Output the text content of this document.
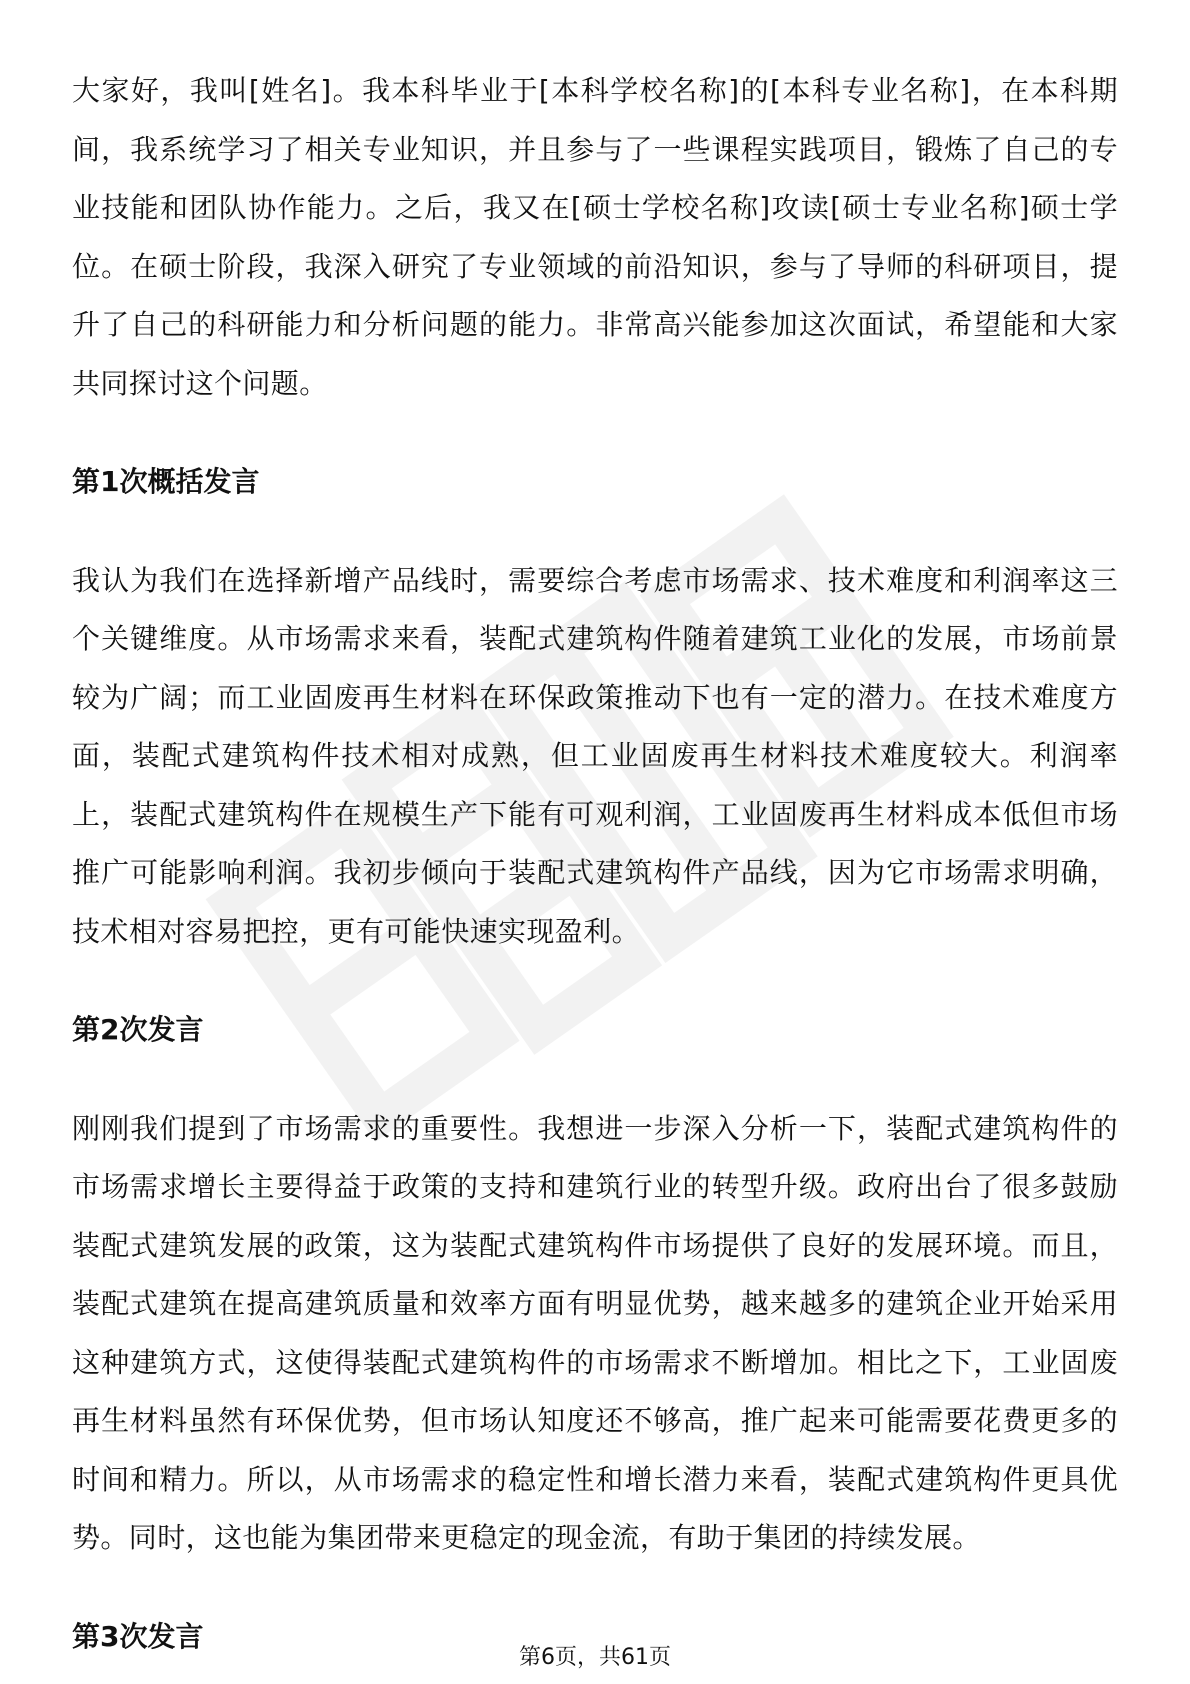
大家好，我叫[姓名]。我本科毕业于[本科学校名称]的[本科专业名称]，在本科期间，我系统学习了相关专业知识，并且参与了一些课程实践项目，锻炼了自己的专业技能和团队协作能力。之后，我又在[硕士学校名称]攻读[硕士专业名称]硕士学位。在硕士阶段，我深入研究了专业领域的前沿知识，参与了导师的科研项目，提升了自己的科研能力和分析问题的能力。非常高兴能参加这次面试，希望能和大家共同探讨这个问题。

第1次概括发言

我认为我们在选择新增产品线时，需要综合考虑市场需求、技术难度和利润率这三个关键维度。从市场需求来看，装配式建筑构件随着建筑工业化的发展，市场前景较为广阔；而工业固废再生材料在环保政策推动下也有一定的潜力。在技术难度方面，装配式建筑构件技术相对成熟，但工业固废再生材料技术难度较大。利润率上，装配式建筑构件在规模生产下能有可观利润，工业固废再生材料成本低但市场推广可能影响利润。我初步倾向于装配式建筑构件产品线，因为它市场需求明确，技术相对容易把控，更有可能快速实现盈利。

第2次发言

刚刚我们提到了市场需求的重要性。我想进一步深入分析一下，装配式建筑构件的市场需求增长主要得益于政策的支持和建筑行业的转型升级。政府出台了很多鼓励装配式建筑发展的政策，这为装配式建筑构件市场提供了良好的发展环境。而且，装配式建筑在提高建筑质量和效率方面有明显优势，越来越多的建筑企业开始采用这种建筑方式，这使得装配式建筑构件的市场需求不断增加。相比之下，工业固废再生材料虽然有环保优势，但市场认知度还不够高，推广起来可能需要花费更多的时间和精力。所以，从市场需求的稳定性和增长潜力来看，装配式建筑构件更具优势。同时，这也能为集团带来更稳定的现金流，有助于集团的持续发展。

第3次发言

第6页，共61页
